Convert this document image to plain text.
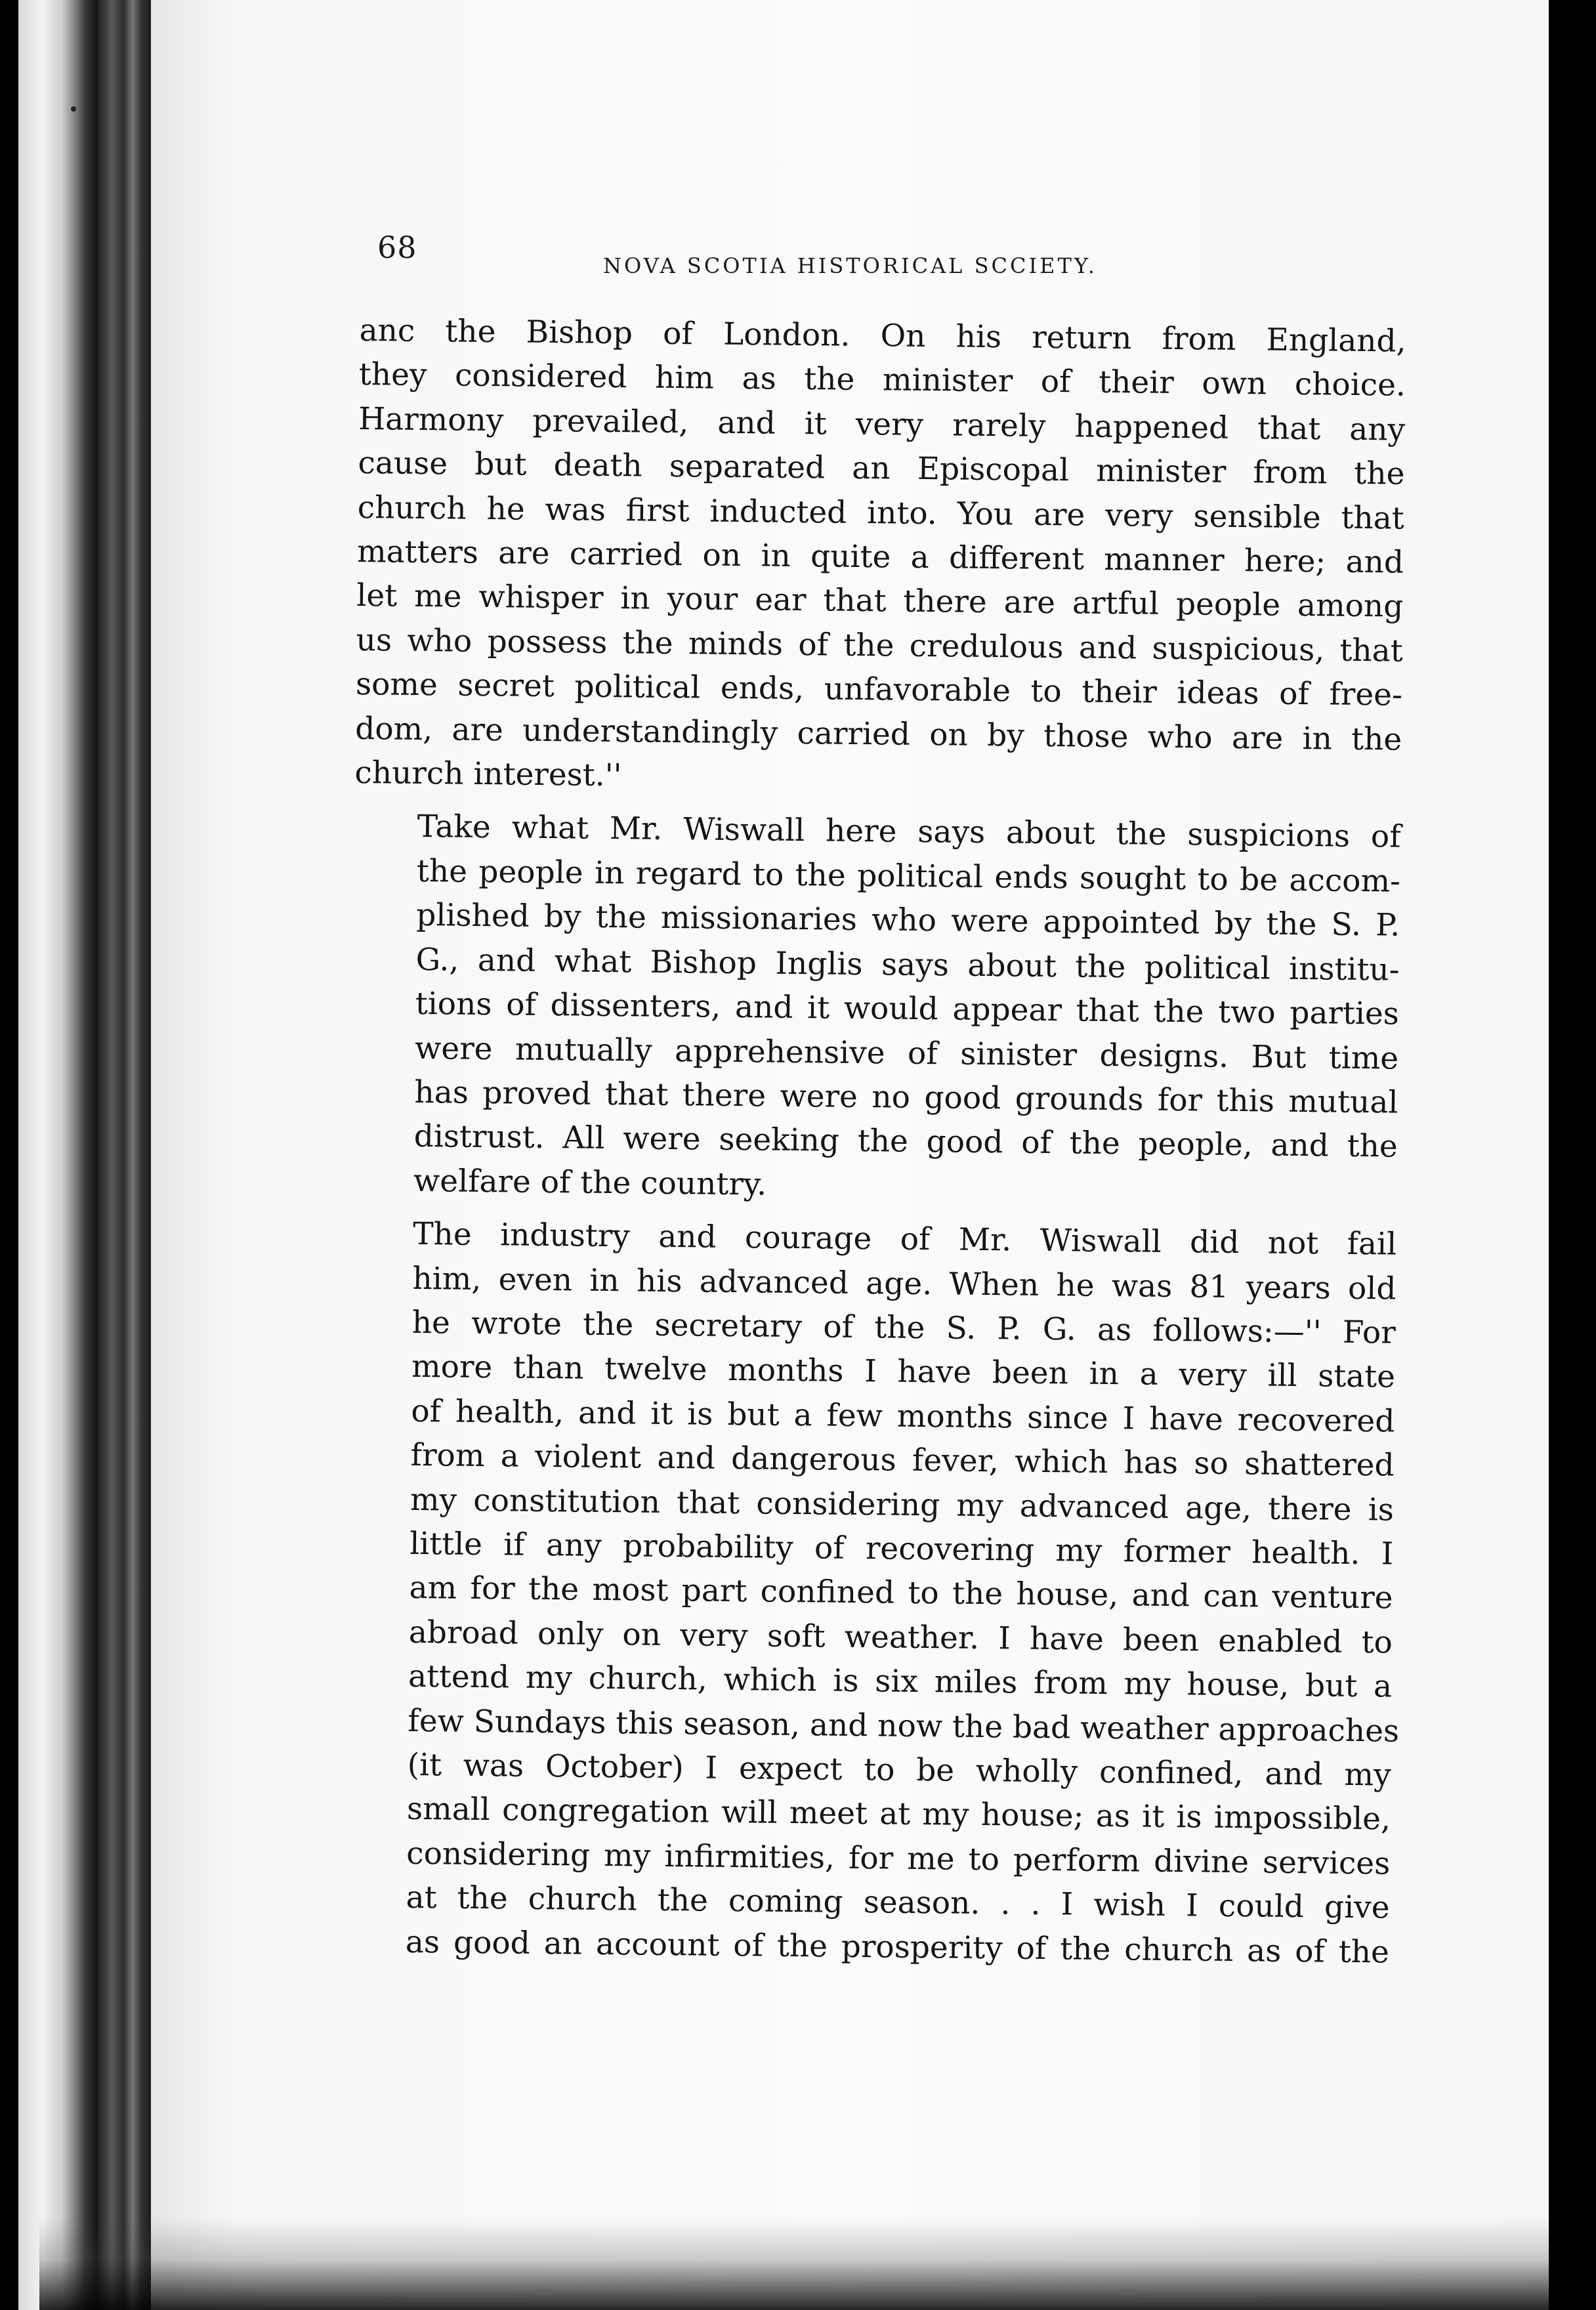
68
NOVA SCOTIA HISTORICAL SCCIETY.

anc the Bishop of London. On his return from England,
they considered him as the minister of their own choice.
Harmony prevailed, and it very rarely happened that any
cause but death separated an Episcopal minister from the
church he was first inducted into. You are very sensible that
matters are carried on in quite a different manner here; and
let me whisper in your ear that there are artful people among
us who possess the minds of the credulous and suspicious, that
some secret political ends, unfavorable to their ideas of free-
dom, are understandingly carried on by those who are in the
church interest.''

Take what Mr. Wiswall here says about the suspicions of
the people in regard to the political ends sought to be accom-
plished by the missionaries who were appointed by the S. P.
G., and what Bishop Inglis says about the political institu-
tions of dissenters, and it would appear that the two parties
were mutually apprehensive of sinister designs. But time
has proved that there were no good grounds for this mutual
distrust. All were seeking the good of the people, and the
welfare of the country.

The industry and courage of Mr. Wiswall did not fail
him, even in his advanced age. When he was 81 years old
he wrote the secretary of the S. P. G. as follows:—'' For
more than twelve months I have been in a very ill state
of health, and it is but a few months since I have recovered
from a violent and dangerous fever, which has so shattered
my constitution that considering my advanced age, there is
little if any probability of recovering my former health. I
am for the most part confined to the house, and can venture
abroad only on very soft weather. I have been enabled to
attend my church, which is six miles from my house, but a
few Sundays this season, and now the bad weather approaches
(it was October) I expect to be wholly confined, and my
small congregation will meet at my house; as it is impossible,
considering my infirmities, for me to perform divine services
at the church the coming season. . . I wish I could give
as good an account of the prosperity of the church as of the
